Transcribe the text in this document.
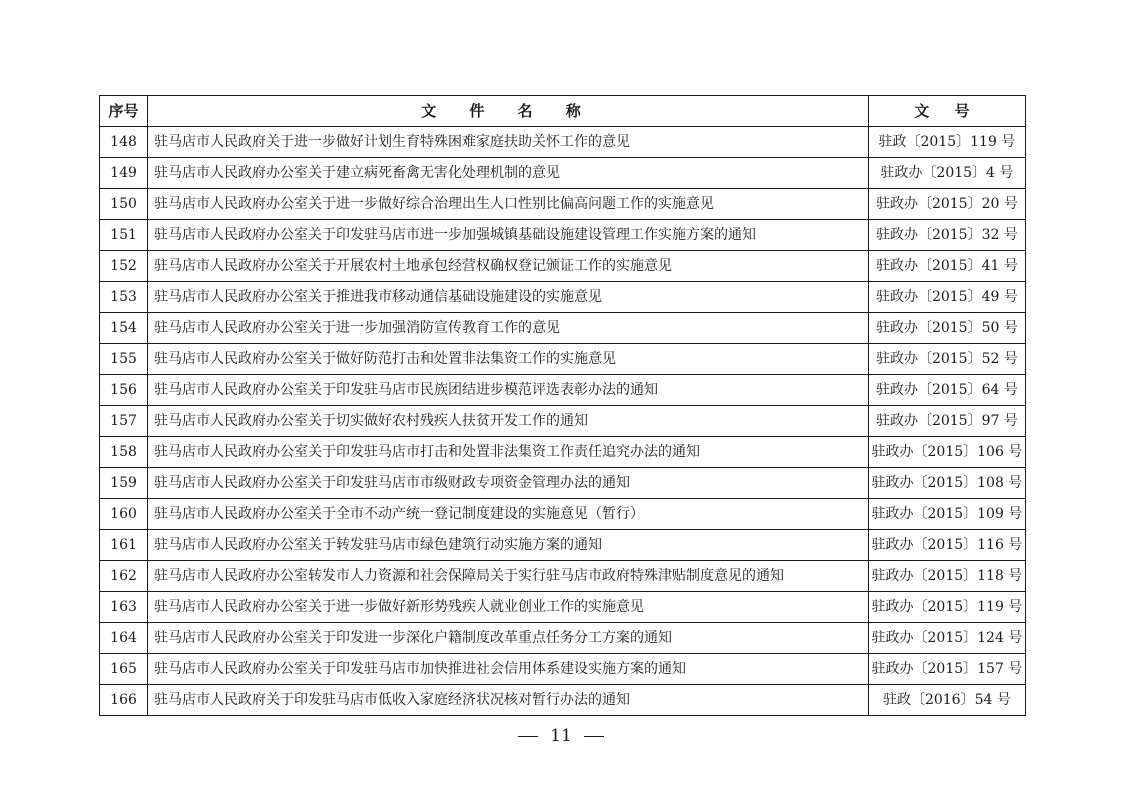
序号	文 件 名 称	文 号
148	驻马店市人民政府关于进一步做好计划生育特殊困难家庭扶助关怀工作的意见	驻政〔2015〕119 号
149	驻马店市人民政府办公室关于建立病死畜禽无害化处理机制的意见	驻政办〔2015〕4 号
150	驻马店市人民政府办公室关于进一步做好综合治理出生人口性别比偏高问题工作的实施意见	驻政办〔2015〕20 号
151	驻马店市人民政府办公室关于印发驻马店市进一步加强城镇基础设施建设管理工作实施方案的通知	驻政办〔2015〕32 号
152	驻马店市人民政府办公室关于开展农村土地承包经营权确权登记颁证工作的实施意见	驻政办〔2015〕41 号
153	驻马店市人民政府办公室关于推进我市移动通信基础设施建设的实施意见	驻政办〔2015〕49 号
154	驻马店市人民政府办公室关于进一步加强消防宣传教育工作的意见	驻政办〔2015〕50 号
155	驻马店市人民政府办公室关于做好防范打击和处置非法集资工作的实施意见	驻政办〔2015〕52 号
156	驻马店市人民政府办公室关于印发驻马店市民族团结进步模范评选表彰办法的通知	驻政办〔2015〕64 号
157	驻马店市人民政府办公室关于切实做好农村残疾人扶贫开发工作的通知	驻政办〔2015〕97 号
158	驻马店市人民政府办公室关于印发驻马店市打击和处置非法集资工作责任追究办法的通知	驻政办〔2015〕106 号
159	驻马店市人民政府办公室关于印发驻马店市市级财政专项资金管理办法的通知	驻政办〔2015〕108 号
160	驻马店市人民政府办公室关于全市不动产统一登记制度建设的实施意见（暂行）	驻政办〔2015〕109 号
161	驻马店市人民政府办公室关于转发驻马店市绿色建筑行动实施方案的通知	驻政办〔2015〕116 号
162	驻马店市人民政府办公室转发市人力资源和社会保障局关于实行驻马店市政府特殊津贴制度意见的通知	驻政办〔2015〕118 号
163	驻马店市人民政府办公室关于进一步做好新形势残疾人就业创业工作的实施意见	驻政办〔2015〕119 号
164	驻马店市人民政府办公室关于印发进一步深化户籍制度改革重点任务分工方案的通知	驻政办〔2015〕124 号
165	驻马店市人民政府办公室关于印发驻马店市加快推进社会信用体系建设实施方案的通知	驻政办〔2015〕157 号
166	驻马店市人民政府关于印发驻马店市低收入家庭经济状况核对暂行办法的通知	驻政〔2016〕54 号
11
